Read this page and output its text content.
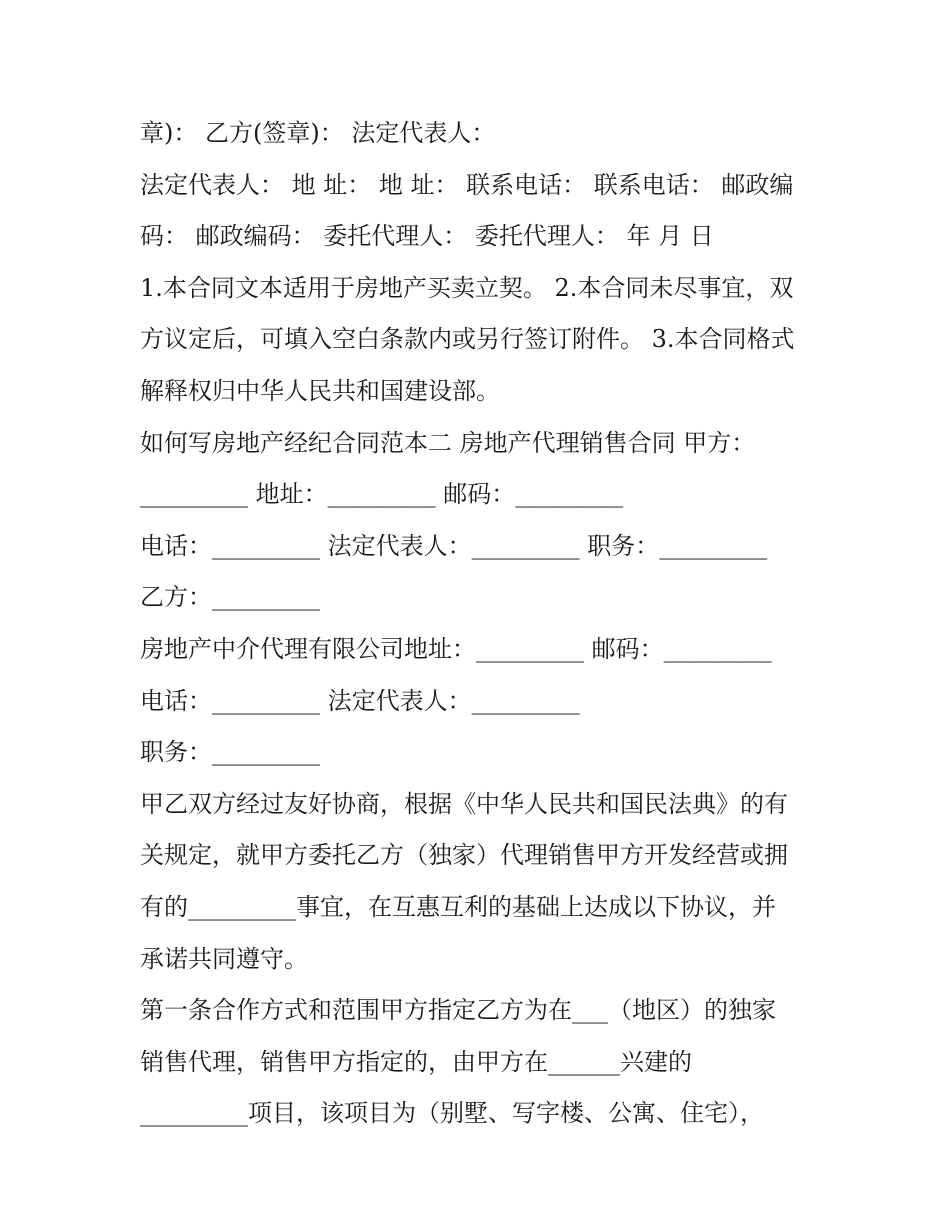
章)： 乙方(签章)： 法定代表人：
法定代表人： 地 址： 地 址： 联系电话： 联系电话： 邮政编
码： 邮政编码： 委托代理人： 委托代理人： 年 月 日
1.本合同文本适用于房地产买卖立契。 2.本合同未尽事宜，双
方议定后，可填入空白条款内或另行签订附件。 3.本合同格式
解释权归中华人民共和国建设部。
如何写房地产经纪合同范本二 房地产代理销售合同 甲方：
_________ 地址：_________ 邮码：_________
电话：_________ 法定代表人：_________ 职务：_________
乙方：_________
房地产中介代理有限公司地址：_________ 邮码：_________
电话：_________ 法定代表人：_________
职务：_________
甲乙双方经过友好协商，根据《中华人民共和国民法典》的有
关规定，就甲方委托乙方（独家）代理销售甲方开发经营或拥
有的_________事宜，在互惠互利的基础上达成以下协议，并
承诺共同遵守。
第一条合作方式和范围甲方指定乙方为在___（地区）的独家
销售代理，销售甲方指定的，由甲方在______兴建的
_________项目，该项目为（别墅、写字楼、公寓、住宅），
